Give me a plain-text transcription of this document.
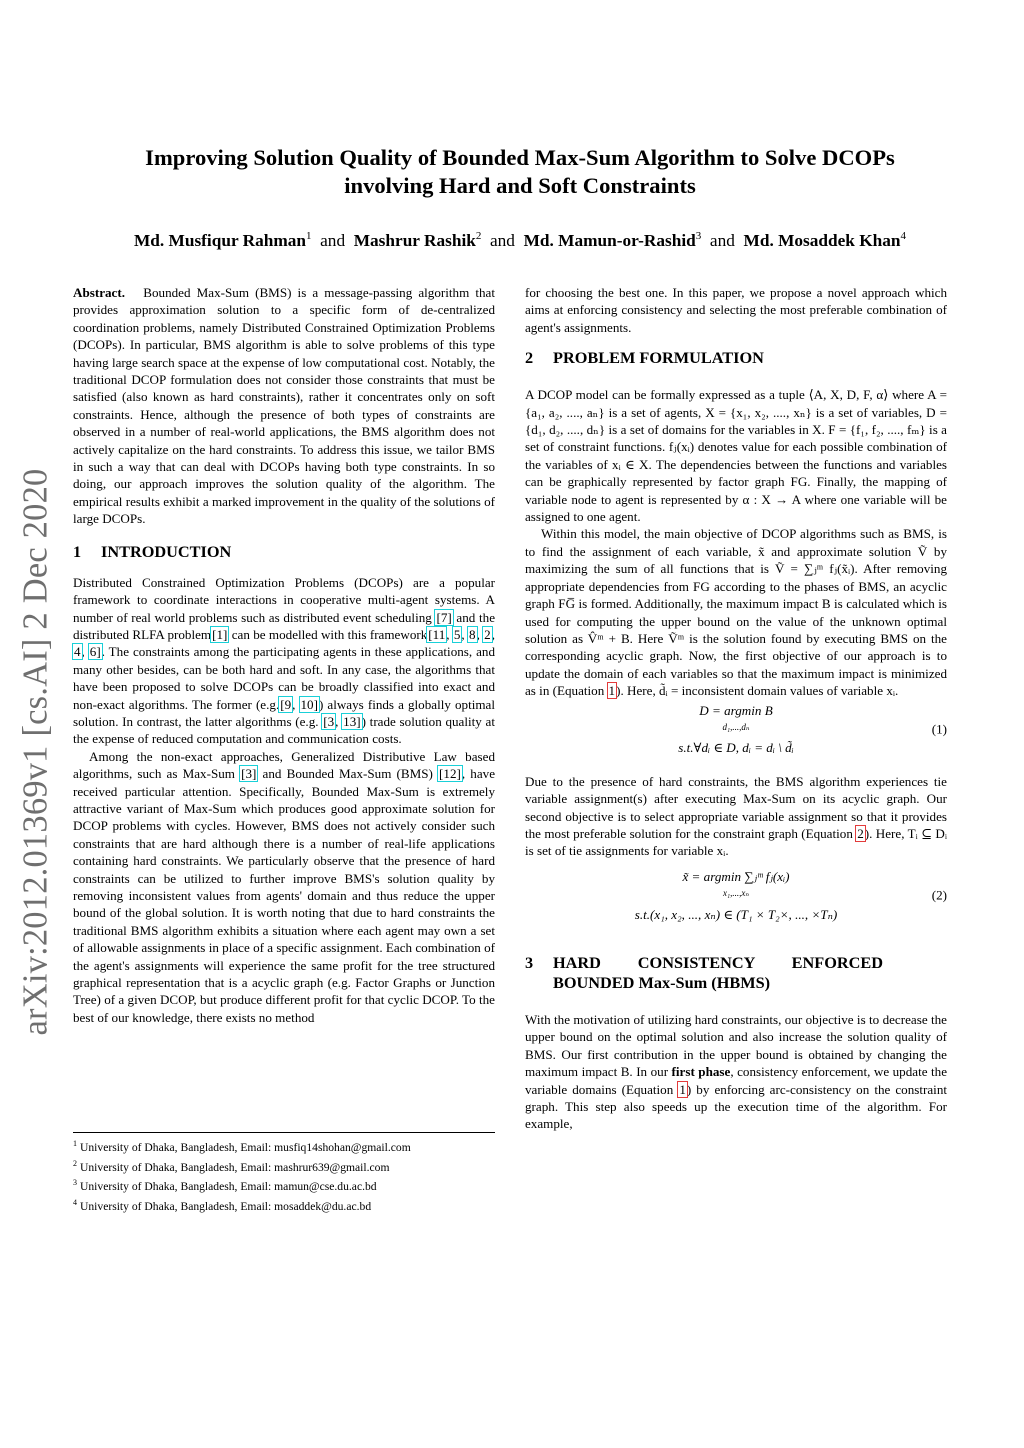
arXiv:2012.01369v1 [cs.AI] 2 Dec 2020
Improving Solution Quality of Bounded Max-Sum Algorithm to Solve DCOPs
involving Hard and Soft Constraints
Md. Musfiqur Rahman$^1$ and Mashrur Rashik$^2$ and Md. Mamun-or-Rashid$^3$ and Md. Mosaddek Khan$^4$

Abstract. Bounded Max-Sum (BMS) is a message-passing algorithm that provides approximation solution to a specific form of de-centralized coordination problems, namely Distributed Constrained Optimization Problems (DCOPs). In particular, BMS algorithm is able to solve problems of this type having large search space at the expense of low computational cost. Notably, the traditional DCOP formulation does not consider those constraints that must be satisfied (also known as hard constraints), rather it concentrates only on soft constraints. Hence, although the presence of both types of constraints are observed in a number of real-world applications, the BMS algorithm does not actively capitalize on the hard constraints. To address this issue, we tailor BMS in such a way that can deal with DCOPs having both type constraints. In so doing, our approach improves the solution quality of the algorithm. The empirical results exhibit a marked improvement in the quality of the solutions of large DCOPs.

1 INTRODUCTION

Distributed Constrained Optimization Problems (DCOPs) are a popular framework to coordinate interactions in cooperative multi-agent systems. A number of real world problems such as distributed event scheduling [7] and the distributed RLFA problem[1] can be modelled with this framework[11, 5, 8, 2, 4, 6]. The constraints among the participating agents in these applications, and many other besides, can be both hard and soft. In any case, the algorithms that have been proposed to solve DCOPs can be broadly classified into exact and non-exact algorithms. The former (e.g.[9, 10]) always finds a globally optimal solution. In contrast, the latter algorithms (e.g. [3, 13]) trade solution quality at the expense of reduced computation and communication costs.

Among the non-exact approaches, Generalized Distributive Law based algorithms, such as Max-Sum [3] and Bounded Max-Sum (BMS) [12], have received particular attention. Specifically, Bounded Max-Sum is extremely attractive variant of Max-Sum which produces good approximate solution for DCOP problems with cycles. However, BMS does not actively consider such constraints that are hard although there is a number of real-life applications containing hard constraints. We particularly observe that the presence of hard constraints can be utilized to further improve BMS's solution quality by removing inconsistent values from agents' domain and thus reduce the upper bound of the global solution. It is worth noting that due to hard constraints the traditional BMS algorithm exhibits a situation where each agent may own a set of allowable assignments in place of a specific assignment. Each combination of the agent's assignments will experience the same profit for the tree structured graphical representation that is a acyclic graph (e.g. Factor Graphs or Junction Tree) of a given DCOP, but produce different profit for that cyclic DCOP. To the best of our knowledge, there exists no method

$^1$ University of Dhaka, Bangladesh, Email: musfiq14shohan@gmail.com
$^2$ University of Dhaka, Bangladesh, Email: mashrur639@gmail.com
$^3$ University of Dhaka, Bangladesh, Email: mamun@cse.du.ac.bd
$^4$ University of Dhaka, Bangladesh, Email: mosaddek@du.ac.bd

for choosing the best one. In this paper, we propose a novel approach which aims at enforcing consistency and selecting the most preferable combination of agent's assignments.

2 PROBLEM FORMULATION

A DCOP model can be formally expressed as a tuple ⟨A, X, D, F, α⟩ where A = {a₁, a₂, ...., aₙ} is a set of agents, X = {x₁, x₂, ...., xₙ} is a set of variables, D = {d₁, d₂, ...., dₙ} is a set of domains for the variables in X. F = {f₁, f₂, ...., fₘ} is a set of constraint functions. fⱼ(xᵢ) denotes value for each possible combination of the variables of xᵢ ∈ X. The dependencies between the functions and variables can be graphically represented by factor graph FG. Finally, the mapping of variable node to agent is represented by α : X → A where one variable will be assigned to one agent.

Within this model, the main objective of DCOP algorithms such as BMS, is to find the assignment of each variable, x̃ and approximate solution Ṽ by maximizing the sum of all functions that is Ṽ = ∑ⱼᵐ fⱼ(x̃ᵢ). After removing appropriate dependencies from FG according to the phases of BMS, an acyclic graph FG̅ is formed. Additionally, the maximum impact B is calculated which is used for computing the upper bound on the value of the unknown optimal solution as V̂ᵐ + B. Here Ṽᵐ is the solution found by executing BMS on the corresponding acyclic graph. Now, the first objective of our approach is to update the domain of each variables so that the maximum impact is minimized as in (Equation 1). Here, d̃ᵢ = inconsistent domain values of variable xᵢ.

D = argmin B
d₁,...,dₙ
s.t.∀dᵢ ∈ D, dᵢ = dᵢ \ d̃ᵢ
(1)

Due to the presence of hard constraints, the BMS algorithm experiences tie variable assignment(s) after executing Max-Sum on its acyclic graph. Our second objective is to select appropriate variable assignment so that it provides the most preferable solution for the constraint graph (Equation 2). Here, Tᵢ ⊆ Dᵢ is set of tie assignments for variable xᵢ.

x̃ = argmin ∑ⱼᵐ fⱼ(xᵢ)
x₁,...,xₙ
s.t.(x₁, x₂, ..., xₙ) ∈ (T₁ × T₂×, ..., ×Tₙ)
(2)
3	HARD CONSISTENCY ENFORCED BOUNDED Max-Sum (HBMS)

With the motivation of utilizing hard constraints, our objective is to decrease the upper bound on the optimal solution and also increase the solution quality of BMS. Our first contribution in the upper bound is obtained by changing the maximum impact B. In our first phase, consistency enforcement, we update the variable domains (Equation 1) by enforcing arc-consistency on the constraint graph. This step also speeds up the execution time of the algorithm. For example,
